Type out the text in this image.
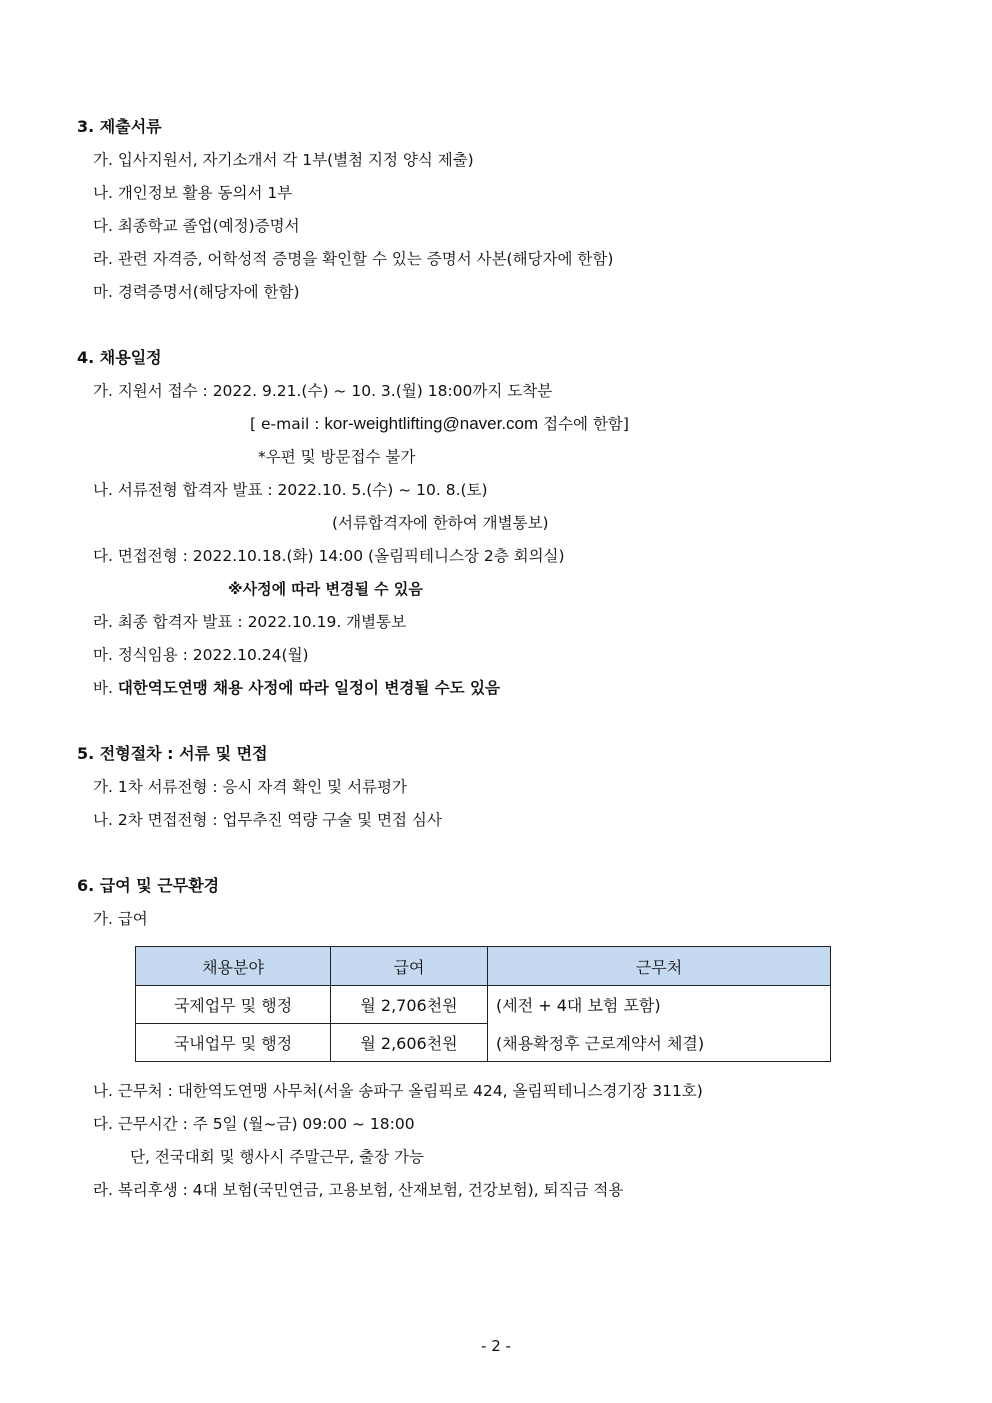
3. 제출서류
가. 입사지원서, 자기소개서 각 1부(별첨 지정 양식 제출)
나. 개인정보 활용 동의서 1부
다. 최종학교 졸업(예정)증명서
라. 관련 자격증, 어학성적 증명을 확인할 수 있는 증명서 사본(해당자에 한함)
마. 경력증명서(해당자에 한함)
4. 채용일정
가. 지원서 접수 : 2022. 9.21.(수) ~ 10. 3.(월) 18:00까지 도착분
[ e-mail : kor-weightlifting@naver.com 접수에 한함]
*우편 및 방문접수 불가
나. 서류전형 합격자 발표 : 2022.10. 5.(수) ~ 10. 8.(토)
(서류합격자에 한하여 개별통보)
다. 면접전형 : 2022.10.18.(화) 14:00 (올림픽테니스장 2층 회의실)
※사정에 따라 변경될 수 있음
라. 최종 합격자 발표 : 2022.10.19. 개별통보
마. 정식임용 : 2022.10.24(월)
바. 대한역도연맹 채용 사정에 따라 일정이 변경될 수도 있음
5. 전형절차 : 서류 및 면접
가. 1차 서류전형 : 응시 자격 확인 및 서류평가
나. 2차 면접전형 : 업무추진 역량 구술 및 면접 심사
6. 급여 및 근무환경
가. 급여
채용분야	급여	근무처
국제업무 및 행정	월 2,706천원	(세전 + 4대 보험 포함)
국내업무 및 행정	월 2,606천원	(채용확정후 근로계약서 체결)
나. 근무처 : 대한역도연맹 사무처(서울 송파구 올림픽로 424, 올림픽테니스경기장 311호)
다. 근무시간 : 주 5일 (월~금) 09:00 ~ 18:00
단, 전국대회 및 행사시 주말근무, 출장 가능
라. 복리후생 : 4대 보험(국민연금, 고용보험, 산재보험, 건강보험), 퇴직금 적용
- 2 -
